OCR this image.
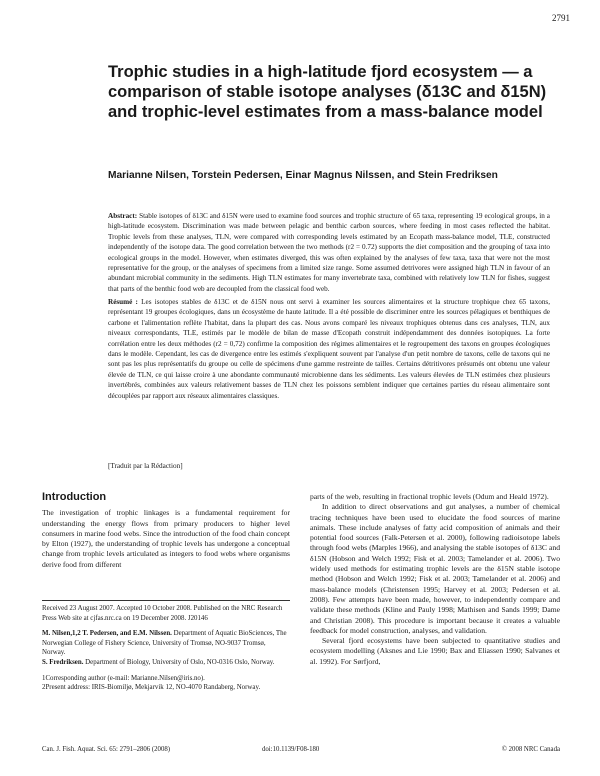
2791
Trophic studies in a high-latitude fjord ecosystem — a comparison of stable isotope analyses (δ13C and δ15N) and trophic-level estimates from a mass-balance model
Marianne Nilsen, Torstein Pedersen, Einar Magnus Nilssen, and Stein Fredriksen

Abstract: Stable isotopes of δ13C and δ15N were used to examine food sources and trophic structure of 65 taxa, representing 19 ecological groups, in a high-latitude ecosystem. Discrimination was made between pelagic and benthic carbon sources, where feeding in most cases reflected the habitat. Trophic levels from these analyses, TLN, were compared with corresponding levels estimated by an Ecopath mass-balance model, TLE, constructed independently of the isotope data. The good correlation between the two methods (r2 = 0.72) supports the diet composition and the grouping of taxa into ecological groups in the model. However, when estimates diverged, this was often explained by the analyses of few taxa, taxa that were not the most representative for the group, or the analyses of specimens from a limited size range. Some assumed detrivores were assigned high TLN in favour of an abundant microbial community in the sediments. High TLN estimates for many invertebrate taxa, combined with relatively low TLN for fishes, suggest that parts of the benthic food web are decoupled from the classical food web.

Résumé : Les isotopes stables de δ13C et de δ15N nous ont servi à examiner les sources alimentaires et la structure trophique chez 65 taxons, représentant 19 groupes écologiques, dans un écosystème de haute latitude. Il a été possible de discriminer entre les sources pélagiques et benthiques de carbone et l'alimentation reflète l'habitat, dans la plupart des cas. Nous avons comparé les niveaux trophiques obtenus dans ces analyses, TLN, aux niveaux correspondants, TLE, estimés par le modèle de bilan de masse d'Ecopath construit indépendamment des données isotopiques. La forte corrélation entre les deux méthodes (r2 = 0,72) confirme la composition des régimes alimentaires et le regroupement des taxons en groupes écologiques dans le modèle. Cependant, les cas de divergence entre les estimés s'expliquent souvent par l'analyse d'un petit nombre de taxons, celle de taxons qui ne sont pas les plus représentatifs du groupe ou celle de spécimens d'une gamme restreinte de tailles. Certains détritivores présumés ont obtenu une valeur élevée de TLN, ce qui laisse croire à une abondante communauté microbienne dans les sédiments. Les valeurs élevées de TLN estimées chez plusieurs invertébrés, combinées aux valeurs relativement basses de TLN chez les poissons semblent indiquer que certaines parties du réseau alimentaire sont découplées par rapport aux réseaux alimentaires classiques.

[Traduit par la Rédaction]
Introduction

The investigation of trophic linkages is a fundamental requirement for understanding the energy flows from primary producers to higher level consumers in marine food webs. Since the introduction of the food chain concept by Elton (1927), the understanding of trophic levels has undergone a conceptual change from trophic levels articulated as integers to food webs where organisms derive food from different

parts of the web, resulting in fractional trophic levels (Odum and Heald 1972).

In addition to direct observations and gut analyses, a number of chemical tracing techniques have been used to elucidate the food sources of marine animals. These include analyses of fatty acid composition of animals and their potential food sources (Falk-Petersen et al. 2000), following radioisotope labels through food webs (Marples 1966), and analysing the stable isotopes of δ13C and δ15N (Hobson and Welch 1992; Fisk et al. 2003; Tamelander et al. 2006). Two widely used methods for estimating trophic levels are the δ15N stable isotope method (Hobson and Welch 1992; Fisk et al. 2003; Tamelander et al. 2006) and mass-balance models (Christensen 1995; Harvey et al. 2003; Pedersen et al. 2008). Few attempts have been made, however, to independently compare and validate these methods (Kline and Pauly 1998; Mathisen and Sands 1999; Dame and Christian 2008). This procedure is important because it creates a valuable feedback for model construction, analyses, and validation.

Several fjord ecosystems have been subjected to quantitative studies and ecosystem modelling (Aksnes and Lie 1990; Bax and Eliassen 1990; Salvanes et al. 1992). For Sørfjord,

Received 23 August 2007. Accepted 10 October 2008. Published on the NRC Research Press Web site at cjfas.nrc.ca on 19 December 2008. J20146

M. Nilsen,1,2 T. Pedersen, and E.M. Nilssen. Department of Aquatic BioSciences, The Norwegian College of Fishery Science, University of Tromsø, NO-9037 Tromsø, Norway.

S. Fredriksen. Department of Biology, University of Oslo, NO-0316 Oslo, Norway.

1Corresponding author (e-mail: Marianne.Nilsen@iris.no).

2Present address: IRIS-Biomiljø, Mekjarvik 12, NO-4070 Randaberg, Norway.

Can. J. Fish. Aquat. Sci. 65: 2791–2806 (2008)	doi:10.1139/F08-180	© 2008 NRC Canada
